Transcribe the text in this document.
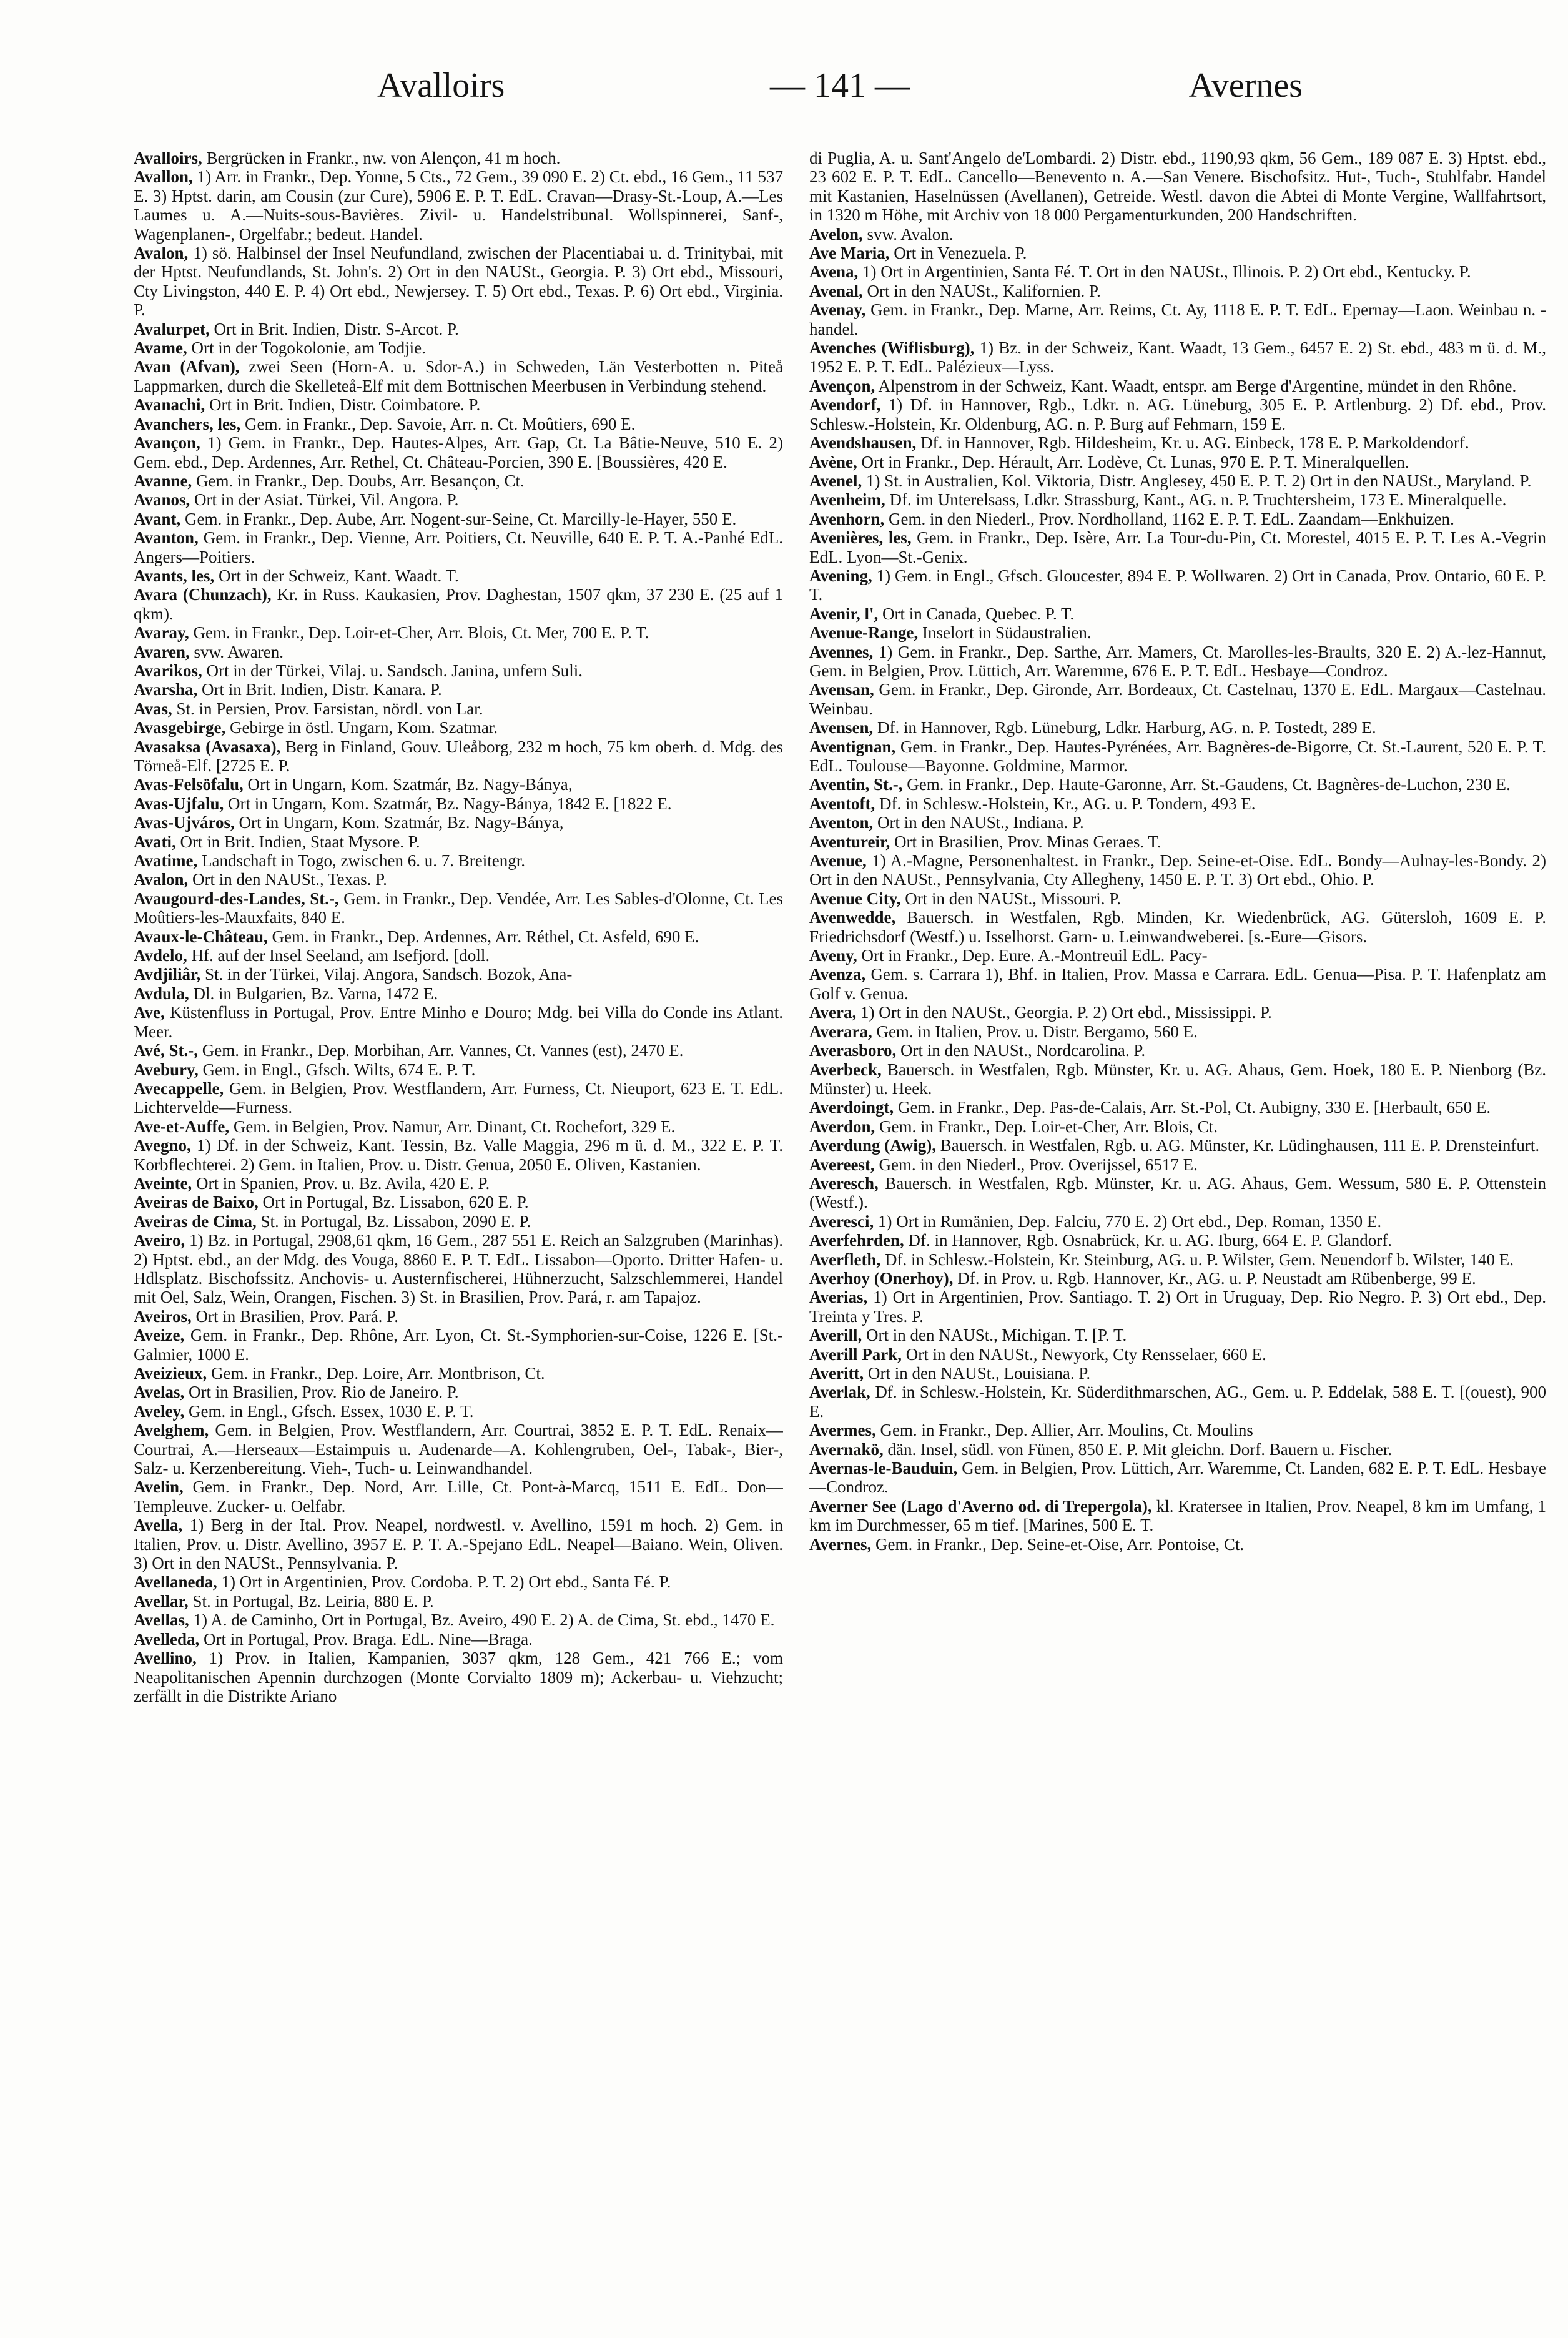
Avalloirs	— 141 —	Avernes

Avalloirs, Bergrücken in Frankr., nw. von Alençon, 41 m hoch.

Avallon, 1) Arr. in Frankr., Dep. Yonne, 5 Cts., 72 Gem., 39 090 E. 2) Ct. ebd., 16 Gem., 11 537 E. 3) Hptst. darin, am Cousin (zur Cure), 5906 E. P. T. EdL. Cravan—Drasy-St.-Loup, A.—Les Laumes u. A.—Nuits-sous-Bavières. Zivil- u. Handelstribunal. Wollspinnerei, Sanf-, Wagenplanen-, Orgelfabr.; bedeut. Handel.

Avalon, 1) sö. Halbinsel der Insel Neufundland, zwischen der Placentiabai u. d. Trinitybai, mit der Hptst. Neufundlands, St. John's. 2) Ort in den NAUSt., Georgia. P. 3) Ort ebd., Missouri, Cty Livingston, 440 E. P. 4) Ort ebd., Newjersey. T. 5) Ort ebd., Texas. P. 6) Ort ebd., Virginia. P.

Avalurpet, Ort in Brit. Indien, Distr. S-Arcot. P.

Avame, Ort in der Togokolonie, am Todjie.

Avan (Afvan), zwei Seen (Horn-A. u. Sdor-A.) in Schweden, Län Vesterbotten n. Piteå Lappmarken, durch die Skelleteå-Elf mit dem Bottnischen Meerbusen in Verbindung stehend.

Avanachi, Ort in Brit. Indien, Distr. Coimbatore. P.

Avanchers, les, Gem. in Frankr., Dep. Savoie, Arr. n. Ct. Moûtiers, 690 E.

Avançon, 1) Gem. in Frankr., Dep. Hautes-Alpes, Arr. Gap, Ct. La Bâtie-Neuve, 510 E. 2) Gem. ebd., Dep. Ardennes, Arr. Rethel, Ct. Château-Porcien, 390 E. [Boussières, 420 E.

Avanne, Gem. in Frankr., Dep. Doubs, Arr. Besançon, Ct.

Avanos, Ort in der Asiat. Türkei, Vil. Angora. P.

Avant, Gem. in Frankr., Dep. Aube, Arr. Nogent-sur-Seine, Ct. Marcilly-le-Hayer, 550 E.

Avanton, Gem. in Frankr., Dep. Vienne, Arr. Poitiers, Ct. Neuville, 640 E. P. T. A.-Panhé EdL. Angers—Poitiers.

Avants, les, Ort in der Schweiz, Kant. Waadt. T.

Avara (Chunzach), Kr. in Russ. Kaukasien, Prov. Daghestan, 1507 qkm, 37 230 E. (25 auf 1 qkm).

Avaray, Gem. in Frankr., Dep. Loir-et-Cher, Arr. Blois, Ct. Mer, 700 E. P. T.

Avaren, svw. Awaren.

Avarikos, Ort in der Türkei, Vilaj. u. Sandsch. Janina, unfern Suli.

Avarsha, Ort in Brit. Indien, Distr. Kanara. P.

Avas, St. in Persien, Prov. Farsistan, nördl. von Lar.

Avasgebirge, Gebirge in östl. Ungarn, Kom. Szatmar.

Avasaksa (Avasaxa), Berg in Finland, Gouv. Uleåborg, 232 m hoch, 75 km oberh. d. Mdg. des Törneå-Elf. [2725 E. P.

Avas-Felsöfalu, Ort in Ungarn, Kom. Szatmár, Bz. Nagy-Bánya,

Avas-Ujfalu, Ort in Ungarn, Kom. Szatmár, Bz. Nagy-Bánya, 1842 E. [1822 E.

Avas-Ujváros, Ort in Ungarn, Kom. Szatmár, Bz. Nagy-Bánya,

Avati, Ort in Brit. Indien, Staat Mysore. P.

Avatime, Landschaft in Togo, zwischen 6. u. 7. Breitengr.

Avalon, Ort in den NAUSt., Texas. P.

Avaugourd-des-Landes, St.-, Gem. in Frankr., Dep. Vendée, Arr. Les Sables-d'Olonne, Ct. Les Moûtiers-les-Mauxfaits, 840 E.

Avaux-le-Château, Gem. in Frankr., Dep. Ardennes, Arr. Réthel, Ct. Asfeld, 690 E.

Avdelo, Hf. auf der Insel Seeland, am Isefjord. [doll.

Avdjiliâr, St. in der Türkei, Vilaj. Angora, Sandsch. Bozok, Ana-

Avdula, Dl. in Bulgarien, Bz. Varna, 1472 E.

Ave, Küstenfluss in Portugal, Prov. Entre Minho e Douro; Mdg. bei Villa do Conde ins Atlant. Meer.

Avé, St.-, Gem. in Frankr., Dep. Morbihan, Arr. Vannes, Ct. Vannes (est), 2470 E.

Avebury, Gem. in Engl., Gfsch. Wilts, 674 E. P. T.

Avecappelle, Gem. in Belgien, Prov. Westflandern, Arr. Furness, Ct. Nieuport, 623 E. T. EdL. Lichtervelde—Furness.

Ave-et-Auffe, Gem. in Belgien, Prov. Namur, Arr. Dinant, Ct. Rochefort, 329 E.

Avegno, 1) Df. in der Schweiz, Kant. Tessin, Bz. Valle Maggia, 296 m ü. d. M., 322 E. P. T. Korbflechterei. 2) Gem. in Italien, Prov. u. Distr. Genua, 2050 E. Oliven, Kastanien.

Aveinte, Ort in Spanien, Prov. u. Bz. Avila, 420 E. P.

Aveiras de Baixo, Ort in Portugal, Bz. Lissabon, 620 E. P.

Aveiras de Cima, St. in Portugal, Bz. Lissabon, 2090 E. P.

Aveiro, 1) Bz. in Portugal, 2908,61 qkm, 16 Gem., 287 551 E. Reich an Salzgruben (Marinhas). 2) Hptst. ebd., an der Mdg. des Vouga, 8860 E. P. T. EdL. Lissabon—Oporto. Dritter Hafen- u. Hdlsplatz. Bischofssitz. Anchovis- u. Austernfischerei, Hühnerzucht, Salzschlemmerei, Handel mit Oel, Salz, Wein, Orangen, Fischen. 3) St. in Brasilien, Prov. Pará, r. am Tapajoz.

Aveiros, Ort in Brasilien, Prov. Pará. P.

Aveize, Gem. in Frankr., Dep. Rhône, Arr. Lyon, Ct. St.-Symphorien-sur-Coise, 1226 E. [St.-Galmier, 1000 E.

Aveizieux, Gem. in Frankr., Dep. Loire, Arr. Montbrison, Ct.

Avelas, Ort in Brasilien, Prov. Rio de Janeiro. P.

Aveley, Gem. in Engl., Gfsch. Essex, 1030 E. P. T.

Avelghem, Gem. in Belgien, Prov. Westflandern, Arr. Courtrai, 3852 E. P. T. EdL. Renaix—Courtrai, A.—Herseaux—Estaimpuis u. Audenarde—A. Kohlengruben, Oel-, Tabak-, Bier-, Salz- u. Kerzenbereitung. Vieh-, Tuch- u. Leinwandhandel.

Avelin, Gem. in Frankr., Dep. Nord, Arr. Lille, Ct. Pont-à-Marcq, 1511 E. EdL. Don—Templeuve. Zucker- u. Oelfabr.

Avella, 1) Berg in der Ital. Prov. Neapel, nordwestl. v. Avellino, 1591 m hoch. 2) Gem. in Italien, Prov. u. Distr. Avellino, 3957 E. P. T. A.-Spejano EdL. Neapel—Baiano. Wein, Oliven. 3) Ort in den NAUSt., Pennsylvania. P.

Avellaneda, 1) Ort in Argentinien, Prov. Cordoba. P. T. 2) Ort ebd., Santa Fé. P.

Avellar, St. in Portugal, Bz. Leiria, 880 E. P.

Avellas, 1) A. de Caminho, Ort in Portugal, Bz. Aveiro, 490 E. 2) A. de Cima, St. ebd., 1470 E.

Avelleda, Ort in Portugal, Prov. Braga. EdL. Nine—Braga.

Avellino, 1) Prov. in Italien, Kampanien, 3037 qkm, 128 Gem., 421 766 E.; vom Neapolitanischen Apennin durchzogen (Monte Corvialto 1809 m); Ackerbau- u. Viehzucht; zerfällt in die Distrikte Ariano

di Puglia, A. u. Sant'Angelo de'Lombardi. 2) Distr. ebd., 1190,93 qkm, 56 Gem., 189 087 E. 3) Hptst. ebd., 23 602 E. P. T. EdL. Cancello—Benevento n. A.—San Venere. Bischofsitz. Hut-, Tuch-, Stuhlfabr. Handel mit Kastanien, Haselnüssen (Avellanen), Getreide. Westl. davon die Abtei di Monte Vergine, Wallfahrtsort, in 1320 m Höhe, mit Archiv von 18 000 Pergamenturkunden, 200 Handschriften.

Avelon, svw. Avalon.

Ave Maria, Ort in Venezuela. P.

Avena, 1) Ort in Argentinien, Santa Fé. T. Ort in den NAUSt., Illinois. P. 2) Ort ebd., Kentucky. P.

Avenal, Ort in den NAUSt., Kalifornien. P.

Avenay, Gem. in Frankr., Dep. Marne, Arr. Reims, Ct. Ay, 1118 E. P. T. EdL. Epernay—Laon. Weinbau n. -handel.

Avenches (Wiflisburg), 1) Bz. in der Schweiz, Kant. Waadt, 13 Gem., 6457 E. 2) St. ebd., 483 m ü. d. M., 1952 E. P. T. EdL. Palézieux—Lyss.

Avençon, Alpenstrom in der Schweiz, Kant. Waadt, entspr. am Berge d'Argentine, mündet in den Rhône.

Avendorf, 1) Df. in Hannover, Rgb., Ldkr. n. AG. Lüneburg, 305 E. P. Artlenburg. 2) Df. ebd., Prov. Schlesw.-Holstein, Kr. Oldenburg, AG. n. P. Burg auf Fehmarn, 159 E.

Avendshausen, Df. in Hannover, Rgb. Hildesheim, Kr. u. AG. Einbeck, 178 E. P. Markoldendorf.

Avène, Ort in Frankr., Dep. Hérault, Arr. Lodève, Ct. Lunas, 970 E. P. T. Mineralquellen.

Avenel, 1) St. in Australien, Kol. Viktoria, Distr. Anglesey, 450 E. P. T. 2) Ort in den NAUSt., Maryland. P.

Avenheim, Df. im Unterelsass, Ldkr. Strassburg, Kant., AG. n. P. Truchtersheim, 173 E. Mineralquelle.

Avenhorn, Gem. in den Niederl., Prov. Nordholland, 1162 E. P. T. EdL. Zaandam—Enkhuizen.

Avenières, les, Gem. in Frankr., Dep. Isère, Arr. La Tour-du-Pin, Ct. Morestel, 4015 E. P. T. Les A.-Vegrin EdL. Lyon—St.-Genix.

Avening, 1) Gem. in Engl., Gfsch. Gloucester, 894 E. P. Wollwaren. 2) Ort in Canada, Prov. Ontario, 60 E. P. T.

Avenir, l', Ort in Canada, Quebec. P. T.

Avenue-Range, Inselort in Südaustralien.

Avennes, 1) Gem. in Frankr., Dep. Sarthe, Arr. Mamers, Ct. Marolles-les-Braults, 320 E. 2) A.-lez-Hannut, Gem. in Belgien, Prov. Lüttich, Arr. Waremme, 676 E. P. T. EdL. Hesbaye—Condroz.

Avensan, Gem. in Frankr., Dep. Gironde, Arr. Bordeaux, Ct. Castelnau, 1370 E. EdL. Margaux—Castelnau. Weinbau.

Avensen, Df. in Hannover, Rgb. Lüneburg, Ldkr. Harburg, AG. n. P. Tostedt, 289 E.

Aventignan, Gem. in Frankr., Dep. Hautes-Pyrénées, Arr. Bagnères-de-Bigorre, Ct. St.-Laurent, 520 E. P. T. EdL. Toulouse—Bayonne. Goldmine, Marmor.

Aventin, St.-, Gem. in Frankr., Dep. Haute-Garonne, Arr. St.-Gaudens, Ct. Bagnères-de-Luchon, 230 E.

Aventoft, Df. in Schlesw.-Holstein, Kr., AG. u. P. Tondern, 493 E.

Aventon, Ort in den NAUSt., Indiana. P.

Aventureir, Ort in Brasilien, Prov. Minas Geraes. T.

Avenue, 1) A.-Magne, Personenhaltest. in Frankr., Dep. Seine-et-Oise. EdL. Bondy—Aulnay-les-Bondy. 2) Ort in den NAUSt., Pennsylvania, Cty Allegheny, 1450 E. P. T. 3) Ort ebd., Ohio. P.

Avenue City, Ort in den NAUSt., Missouri. P.

Avenwedde, Bauersch. in Westfalen, Rgb. Minden, Kr. Wiedenbrück, AG. Gütersloh, 1609 E. P. Friedrichsdorf (Westf.) u. Isselhorst. Garn- u. Leinwandweberei. [s.-Eure—Gisors.

Aveny, Ort in Frankr., Dep. Eure. A.-Montreuil EdL. Pacy-

Avenza, Gem. s. Carrara 1), Bhf. in Italien, Prov. Massa e Carrara. EdL. Genua—Pisa. P. T. Hafenplatz am Golf v. Genua.

Avera, 1) Ort in den NAUSt., Georgia. P. 2) Ort ebd., Mississippi. P.

Averara, Gem. in Italien, Prov. u. Distr. Bergamo, 560 E.

Averasboro, Ort in den NAUSt., Nordcarolina. P.

Averbeck, Bauersch. in Westfalen, Rgb. Münster, Kr. u. AG. Ahaus, Gem. Hoek, 180 E. P. Nienborg (Bz. Münster) u. Heek.

Averdoingt, Gem. in Frankr., Dep. Pas-de-Calais, Arr. St.-Pol, Ct. Aubigny, 330 E. [Herbault, 650 E.

Averdon, Gem. in Frankr., Dep. Loir-et-Cher, Arr. Blois, Ct.

Averdung (Awig), Bauersch. in Westfalen, Rgb. u. AG. Münster, Kr. Lüdinghausen, 111 E. P. Drensteinfurt.

Avereest, Gem. in den Niederl., Prov. Overijssel, 6517 E.

Averesch, Bauersch. in Westfalen, Rgb. Münster, Kr. u. AG. Ahaus, Gem. Wessum, 580 E. P. Ottenstein (Westf.).

Averesci, 1) Ort in Rumänien, Dep. Falciu, 770 E. 2) Ort ebd., Dep. Roman, 1350 E.

Averfehrden, Df. in Hannover, Rgb. Osnabrück, Kr. u. AG. Iburg, 664 E. P. Glandorf.

Averfleth, Df. in Schlesw.-Holstein, Kr. Steinburg, AG. u. P. Wilster, Gem. Neuendorf b. Wilster, 140 E.

Averhoy (Onerhoy), Df. in Prov. u. Rgb. Hannover, Kr., AG. u. P. Neustadt am Rübenberge, 99 E.

Averias, 1) Ort in Argentinien, Prov. Santiago. T. 2) Ort in Uruguay, Dep. Rio Negro. P. 3) Ort ebd., Dep. Treinta y Tres. P.

Averill, Ort in den NAUSt., Michigan. T. [P. T.

Averill Park, Ort in den NAUSt., Newyork, Cty Rensselaer, 660 E.

Averitt, Ort in den NAUSt., Louisiana. P.

Averlak, Df. in Schlesw.-Holstein, Kr. Süderdithmarschen, AG., Gem. u. P. Eddelak, 588 E. T. [(ouest), 900 E.

Avermes, Gem. in Frankr., Dep. Allier, Arr. Moulins, Ct. Moulins

Avernakö, dän. Insel, südl. von Fünen, 850 E. P. Mit gleichn. Dorf. Bauern u. Fischer.

Avernas-le-Bauduin, Gem. in Belgien, Prov. Lüttich, Arr. Waremme, Ct. Landen, 682 E. P. T. EdL. Hesbaye—Condroz.

Averner See (Lago d'Averno od. di Trepergola), kl. Kratersee in Italien, Prov. Neapel, 8 km im Umfang, 1 km im Durchmesser, 65 m tief. [Marines, 500 E. T.

Avernes, Gem. in Frankr., Dep. Seine-et-Oise, Arr. Pontoise, Ct.
